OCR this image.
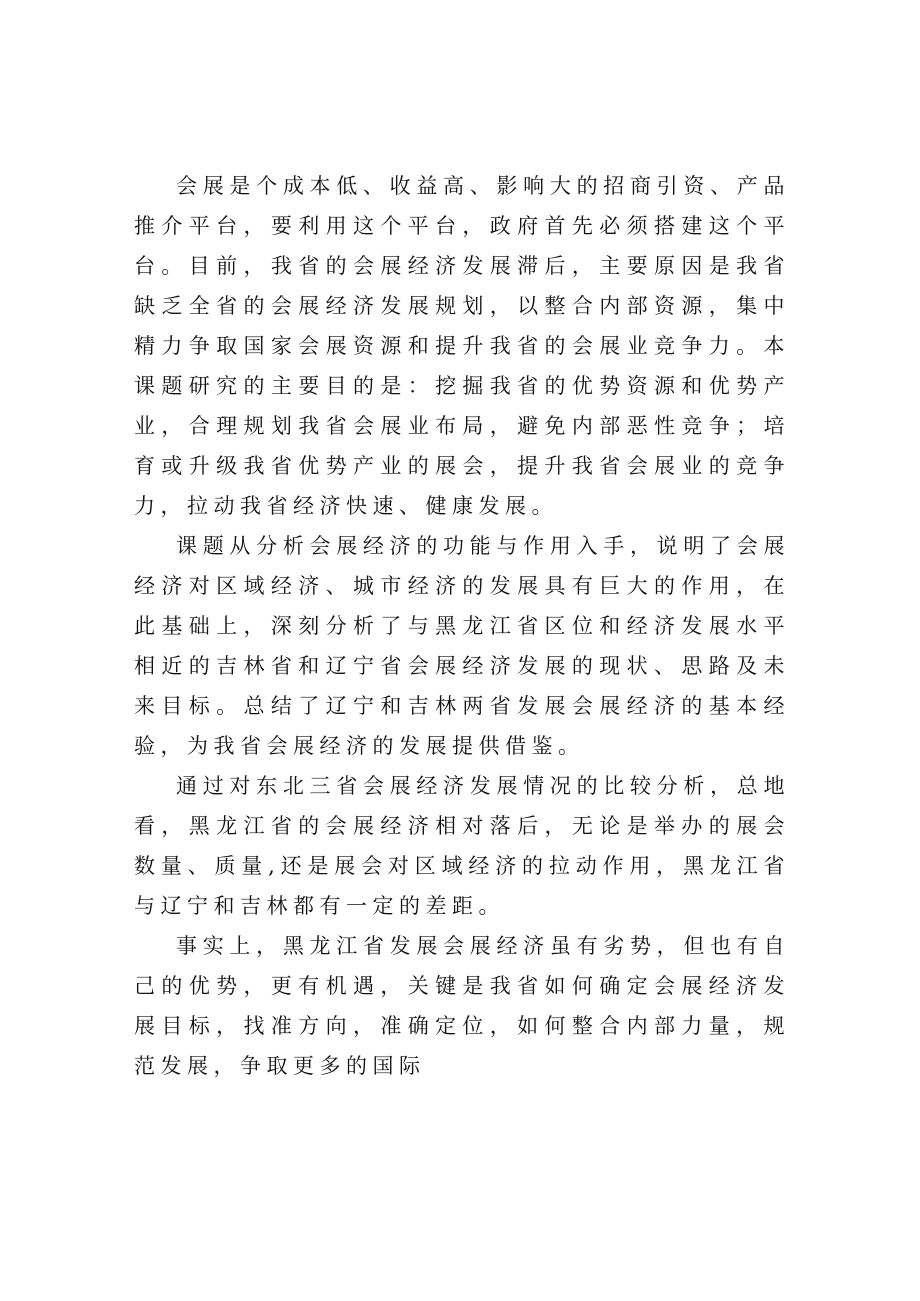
会展是个成本低、收益高、影响大的招商引资、产品推介平台，要利用这个平台，政府首先必须搭建这个平台。目前，我省的会展经济发展滞后，主要原因是我省缺乏全省的会展经济发展规划，以整合内部资源，集中精力争取国家会展资源和提升我省的会展业竞争力。本课题研究的主要目的是：挖掘我省的优势资源和优势产业，合理规划我省会展业布局，避免内部恶性竞争；培育或升级我省优势产业的展会，提升我省会展业的竞争力，拉动我省经济快速、健康发展。

课题从分析会展经济的功能与作用入手，说明了会展经济对区域经济、城市经济的发展具有巨大的作用，在此基础上，深刻分析了与黑龙江省区位和经济发展水平相近的吉林省和辽宁省会展经济发展的现状、思路及未来目标。总结了辽宁和吉林两省发展会展经济的基本经验，为我省会展经济的发展提供借鉴。

通过对东北三省会展经济发展情况的比较分析，总地看，黑龙江省的会展经济相对落后，无论是举办的展会数量、质量,还是展会对区域经济的拉动作用，黑龙江省与辽宁和吉林都有一定的差距。

事实上，黑龙江省发展会展经济虽有劣势，但也有自己的优势，更有机遇，关键是我省如何确定会展经济发展目标，找准方向，准确定位，如何整合内部力量，规范发展，争取更多的国际
